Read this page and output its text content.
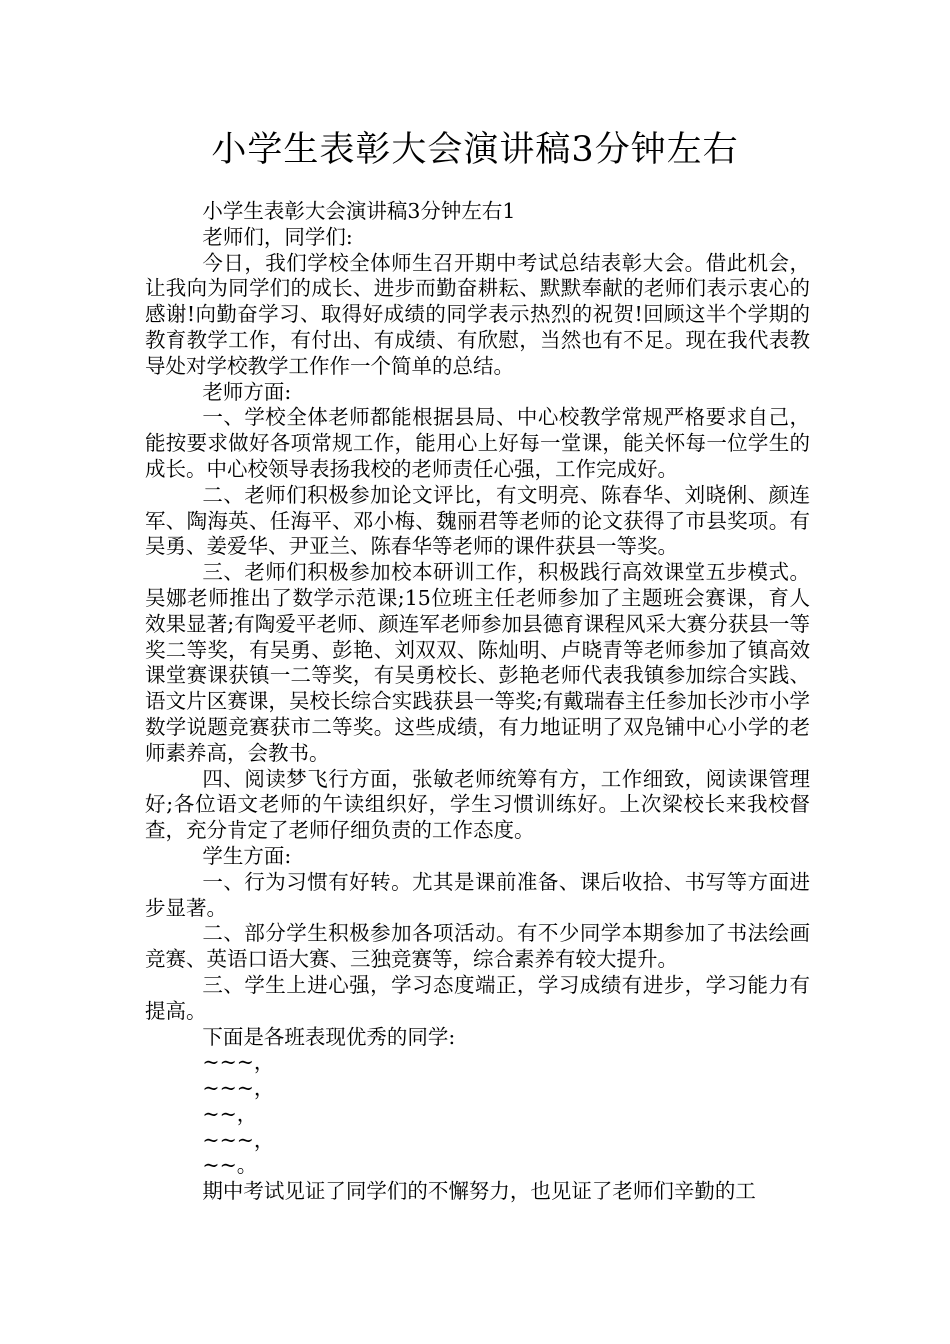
小学生表彰大会演讲稿3分钟左右

小学生表彰大会演讲稿3分钟左右1

老师们，同学们:

今日，我们学校全体师生召开期中考试总结表彰大会。借此机会，让我向为同学们的成长、进步而勤奋耕耘、默默奉献的老师们表示衷心的感谢!向勤奋学习、取得好成绩的同学表示热烈的祝贺!回顾这半个学期的教育教学工作，有付出、有成绩、有欣慰，当然也有不足。现在我代表教导处对学校教学工作作一个简单的总结。

老师方面:

一、学校全体老师都能根据县局、中心校教学常规严格要求自己，能按要求做好各项常规工作，能用心上好每一堂课，能关怀每一位学生的成长。中心校领导表扬我校的老师责任心强，工作完成好。

二、老师们积极参加论文评比，有文明亮、陈春华、刘晓俐、颜连军、陶海英、任海平、邓小梅、魏丽君等老师的论文获得了市县奖项。有吴勇、姜爱华、尹亚兰、陈春华等老师的课件获县一等奖。

三、老师们积极参加校本研训工作，积极践行高效课堂五步模式。吴娜老师推出了数学示范课;15位班主任老师参加了主题班会赛课，育人效果显著;有陶爱平老师、颜连军老师参加县德育课程风采大赛分获县一等奖二等奖，有吴勇、彭艳、刘双双、陈灿明、卢晓青等老师参加了镇高效课堂赛课获镇一二等奖，有吴勇校长、彭艳老师代表我镇参加综合实践、语文片区赛课，吴校长综合实践获县一等奖;有戴瑞春主任参加长沙市小学数学说题竞赛获市二等奖。这些成绩，有力地证明了双凫铺中心小学的老师素养高，会教书。

四、阅读梦飞行方面，张敏老师统筹有方，工作细致，阅读课管理好;各位语文老师的午读组织好，学生习惯训练好。上次梁校长来我校督查，充分肯定了老师仔细负责的工作态度。

学生方面:

一、行为习惯有好转。尤其是课前准备、课后收拾、书写等方面进步显著。

二、部分学生积极参加各项活动。有不少同学本期参加了书法绘画竞赛、英语口语大赛、三独竞赛等，综合素养有较大提升。

三、学生上进心强，学习态度端正，学习成绩有进步，学习能力有提高。

下面是各班表现优秀的同学:

~~~，

~~~，

~~，

~~~，

~~。

期中考试见证了同学们的不懈努力，也见证了老师们辛勤的工
